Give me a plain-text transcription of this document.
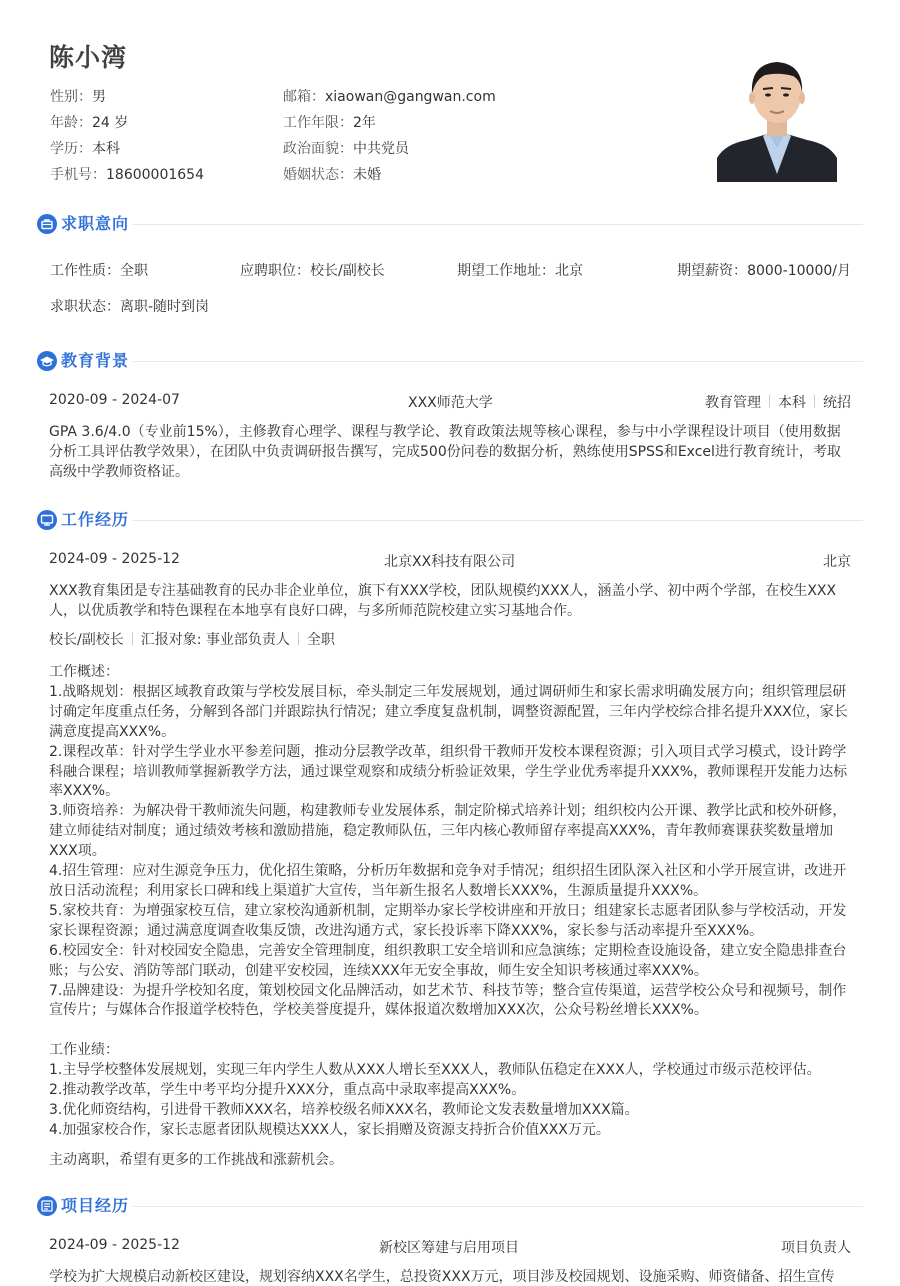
陈小湾
性别：男
年龄：24 岁
学历：本科
手机号：18600001654
邮箱：xiaowan@gangwan.com
工作年限：2年
政治面貌：中共党员
婚姻状态：未婚
求职意向
工作性质：全职	应聘职位：校长/副校长	期望工作地址：北京	期望薪资：8000-10000/月
求职状态：离职-随时到岗
教育背景
2020-09 - 2024-07	XXX师范大学	教育管理 本科 统招
GPA 3.6/4.0（专业前15%），主修教育心理学、课程与教学论、教育政策法规等核心课程，参与中小学课程设计项目（使用数据
分析工具评估教学效果），在团队中负责调研报告撰写，完成500份问卷的数据分析，熟练使用SPSS和Excel进行教育统计，考取
高级中学教师资格证。
工作经历
2024-09 - 2025-12	北京XX科技有限公司	北京
XXX教育集团是专注基础教育的民办非企业单位，旗下有XXX学校，团队规模约XXX人，涵盖小学、初中两个学部，在校生XXX
人，以优质教学和特色课程在本地享有良好口碑，与多所师范院校建立实习基地合作。
校长/副校长 汇报对象: 事业部负责人 全职
工作概述：
1.战略规划：根据区域教育政策与学校发展目标，牵头制定三年发展规划，通过调研师生和家长需求明确发展方向；组织管理层研
讨确定年度重点任务，分解到各部门并跟踪执行情况；建立季度复盘机制，调整资源配置，三年内学校综合排名提升XXX位，家长
满意度提高XXX%。
2.课程改革：针对学生学业水平参差问题，推动分层教学改革，组织骨干教师开发校本课程资源；引入项目式学习模式，设计跨学
科融合课程；培训教师掌握新教学方法，通过课堂观察和成绩分析验证效果，学生学业优秀率提升XXX%，教师课程开发能力达标
率XXX%。
3.师资培养：为解决骨干教师流失问题，构建教师专业发展体系，制定阶梯式培养计划；组织校内公开课、教学比武和校外研修，
建立师徒结对制度；通过绩效考核和激励措施，稳定教师队伍，三年内核心教师留存率提高XXX%，青年教师赛课获奖数量增加
XXX项。
4.招生管理：应对生源竞争压力，优化招生策略，分析历年数据和竞争对手情况；组织招生团队深入社区和小学开展宣讲，改进开
放日活动流程；利用家长口碑和线上渠道扩大宣传，当年新生报名人数增长XXX%，生源质量提升XXX%。
5.家校共育：为增强家校互信，建立家校沟通新机制，定期举办家长学校讲座和开放日；组建家长志愿者团队参与学校活动，开发
家长课程资源；通过满意度调查收集反馈，改进沟通方式，家长投诉率下降XXX%，家长参与活动率提升至XXX%。
6.校园安全：针对校园安全隐患，完善安全管理制度，组织教职工安全培训和应急演练；定期检查设施设备，建立安全隐患排查台
账；与公安、消防等部门联动，创建平安校园，连续XXX年无安全事故，师生安全知识考核通过率XXX%。
7.品牌建设：为提升学校知名度，策划校园文化品牌活动，如艺术节、科技节等；整合宣传渠道，运营学校公众号和视频号，制作
宣传片；与媒体合作报道学校特色，学校美誉度提升，媒体报道次数增加XXX次，公众号粉丝增长XXX%。
工作业绩：
1.主导学校整体发展规划，实现三年内学生人数从XXX人增长至XXX人，教师队伍稳定在XXX人，学校通过市级示范校评估。
2.推动教学改革，学生中考平均分提升XXX分，重点高中录取率提高XXX%。
3.优化师资结构，引进骨干教师XXX名，培养校级名师XXX名，教师论文发表数量增加XXX篇。
4.加强家校合作，家长志愿者团队规模达XXX人，家长捐赠及资源支持折合价值XXX万元。
主动离职，希望有更多的工作挑战和涨薪机会。
项目经历
2024-09 - 2025-12	新校区筹建与启用项目	项目负责人
学校为扩大规模启动新校区建设，规划容纳XXX名学生，总投资XXX万元，项目涉及校园规划、设施采购、师资储备、招生宣传
